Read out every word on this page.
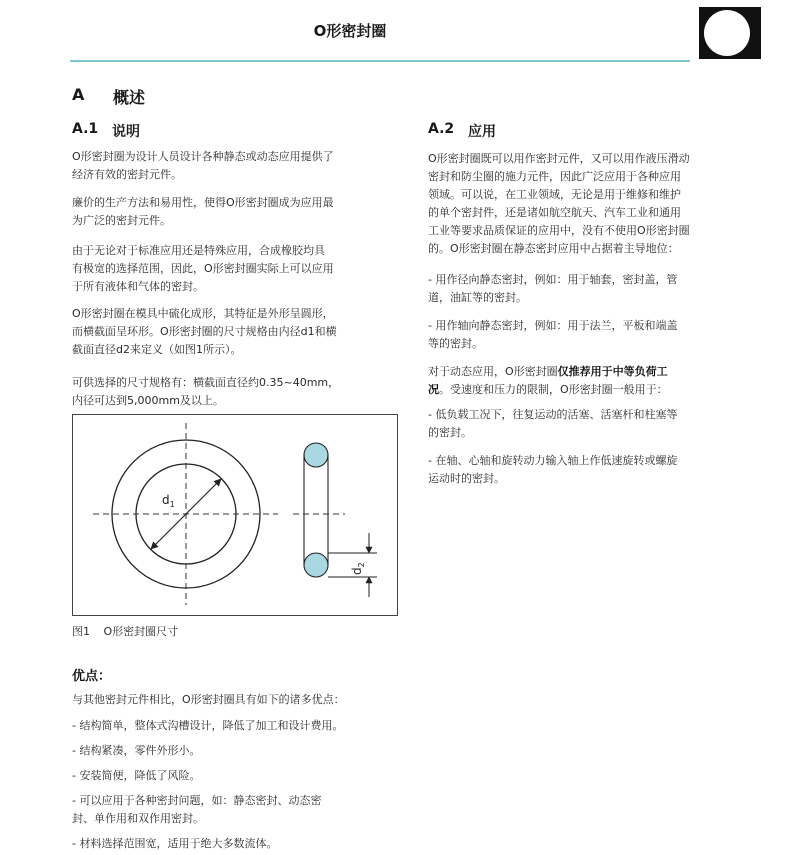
O形密封圈
A 概述
A.1 说明

O形密封圈为设计人员设计各种静态或动态应用提供了

经济有效的密封元件。

廉价的生产方法和易用性，使得O形密封圈成为应用最

为广泛的密封元件。

由于无论对于标准应用还是特殊应用，合成橡胶均具

有极宽的选择范围，因此，O形密封圈实际上可以应用

于所有液体和气体的密封。

O形密封圈在模具中硫化成形，其特征是外形呈圆形，

而横截面呈环形。O形密封圈的尺寸规格由内径d1和横

截面直径d2来定义（如图1所示）。

可供选择的尺寸规格有：横截面直径约0.35~40mm，

内径可达到5,000mm及以上。

$d_1$
$d_2$
图1 O形密封圈尺寸
优点：

与其他密封元件相比，O形密封圈具有如下的诸多优点：

- 结构简单，整体式沟槽设计，降低了加工和设计费用。

- 结构紧凑，零件外形小。

- 安装简便，降低了风险。

- 可以应用于各种密封问题，如：静态密封、动态密

封、单作用和双作用密封。

- 材料选择范围宽，适用于绝大多数流体。

A.2 应用

O形密封圈既可以用作密封元件，又可以用作液压滑动

密封和防尘圈的施力元件，因此广泛应用于各种应用

领域。可以说，在工业领域，无论是用于维修和维护

的单个密封件，还是诸如航空航天、汽车工业和通用

工业等要求品质保证的应用中，没有不使用O形密封圈

的。O形密封圈在静态密封应用中占据着主导地位：

- 用作径向静态密封，例如：用于轴套，密封盖，管

道，油缸等的密封。

- 用作轴向静态密封，例如：用于法兰，平板和端盖

等的密封。

对于动态应用，O形密封圈仅推荐用于中等负荷工

况。受速度和压力的限制，O形密封圈一般用于：

- 低负载工况下，往复运动的活塞、活塞杆和柱塞等

的密封。

- 在轴、心轴和旋转动力输入轴上作低速旋转或螺旋

运动时的密封。
